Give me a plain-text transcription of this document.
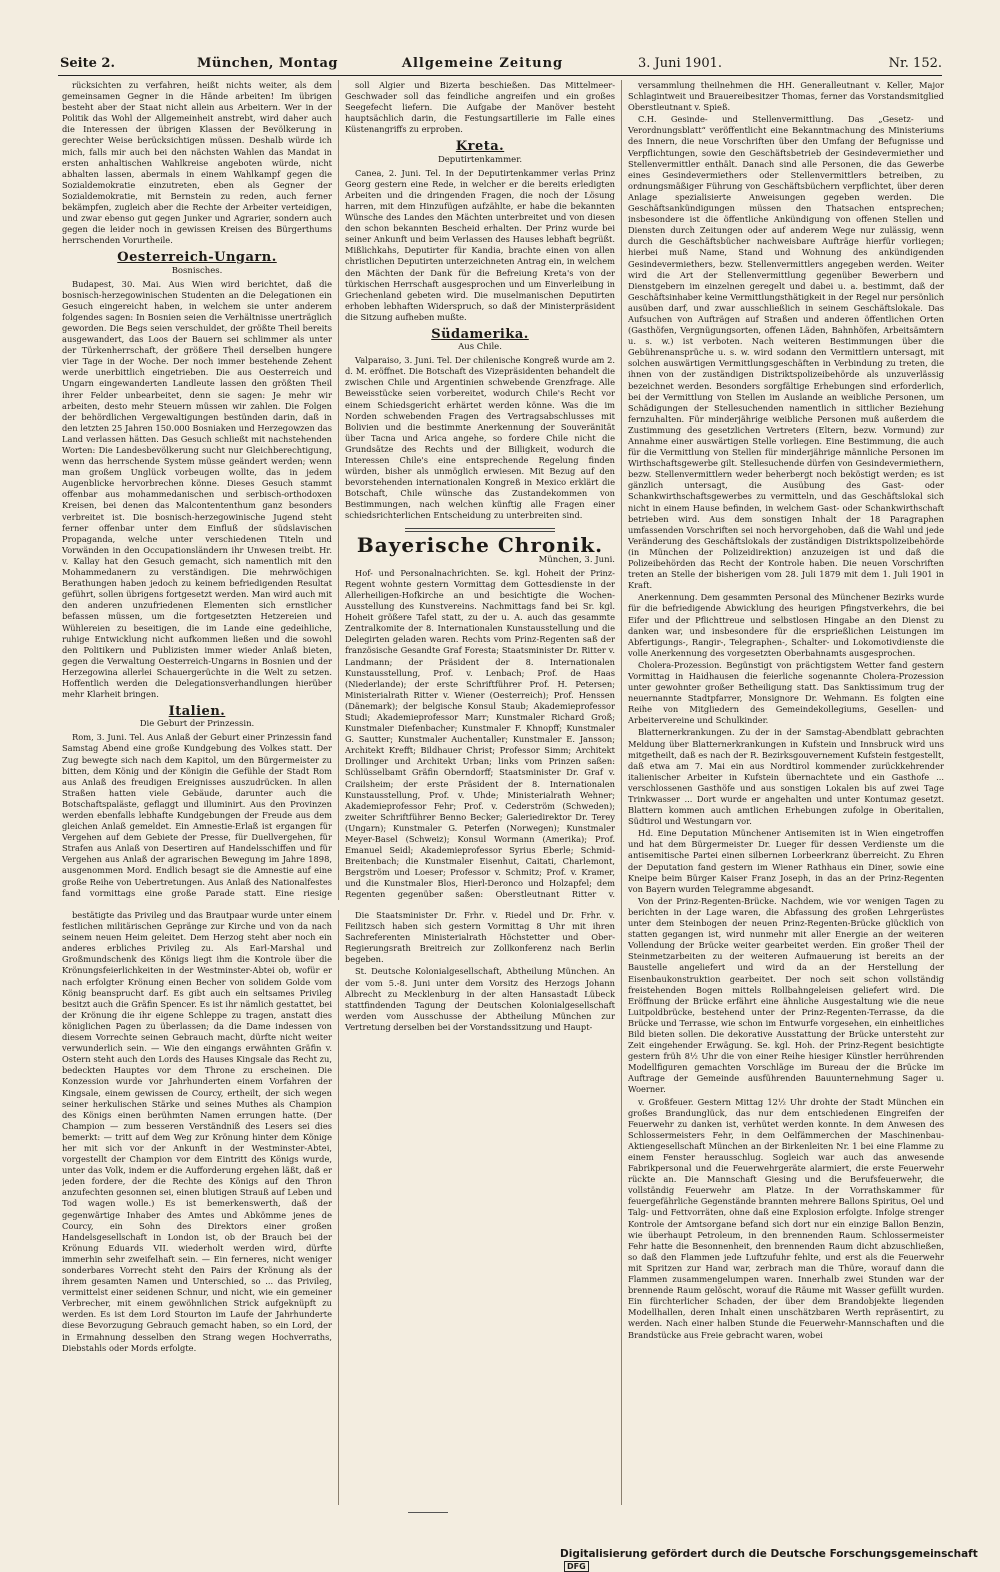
Seite 2.	München, Montag	Allgemeine Zeitung	3. Juni 1901.	Nr. 152.

rücksichten zu verfahren, heißt nichts weiter, als dem gemeinsamen Gegner in die Hände arbeiten! Im übrigen besteht aber der Staat nicht allein aus Arbeitern. Wer in der Politik das Wohl der Allgemeinheit anstrebt, wird daher auch die Interessen der übrigen Klassen der Bevölkerung in gerechter Weise berücksichtigen müssen. Deshalb würde ich mich, falls mir auch bei den nächsten Wahlen das Mandat in ersten anhaltischen Wahlkreise angeboten würde, nicht abhalten lassen, abermals in einem Wahlkampf gegen die Sozialdemokratie einzutreten, eben als Gegner der Sozialdemokratie, mit Bernstein zu reden, auch ferner bekämpfen, zugleich aber die Rechte der Arbeiter verteidigen, und zwar ebenso gut gegen Junker und Agrarier, sondern auch gegen die leider noch in gewissen Kreisen des Bürgerthums herrschenden Vorurtheile.

Oesterreich-Ungarn.
Bosnisches.

Budapest, 30. Mai. Aus Wien wird berichtet, daß die bosnisch-herzegowinischen Studenten an die Delegationen ein Gesuch eingereicht haben, in welchem sie unter anderem folgendes sagen: In Bosnien seien die Verhältnisse unerträglich geworden. Die Begs seien verschuldet, der größte Theil bereits ausgewandert, das Loos der Bauern sei schlimmer als unter der Türkenherrschaft, der größere Theil derselben hungere vier Tage in der Woche. Der noch immer bestehende Zehent werde unerbittlich eingetrieben. Die aus Oesterreich und Ungarn eingewanderten Landleute lassen den größten Theil ihrer Felder unbearbeitet, denn sie sagen: Je mehr wir arbeiten, desto mehr Steuern müssen wir zahlen. Die Folgen der behördlichen Vergewaltigungen bestünden darin, daß in den letzten 25 Jahren 150.000 Bosniaken und Herzegowzen das Land verlassen hätten. Das Gesuch schließt mit nachstehenden Worten: Die Landesbevölkerung sucht nur Gleichberechtigung, wenn das herrschende System müsse geändert werden; wenn man großem Unglück vorbeugen wollte, das in jedem Augenblicke hervorbrechen könne. Dieses Gesuch stammt offenbar aus mohammedanischen und serbisch-orthodoxen Kreisen, bei denen das Malcontententhum ganz besonders verbreitet ist. Die bosnisch-herzegowinische Jugend steht ferner offenbar unter dem Einfluß der südslavischen Propaganda, welche unter verschiedenen Titeln und Vorwänden in den Occupationsländern ihr Unwesen treibt. Hr. v. Kallay hat den Gesuch gemacht, sich namentlich mit den Mohammedanern zu verständigen. Die mehrwöchigen Berathungen haben jedoch zu keinem befriedigenden Resultat geführt, sollen übrigens fortgesetzt werden. Man wird auch mit den anderen unzufriedenen Elementen sich ernstlicher befassen müssen, um die fortgesetzten Hetzereien und Wühlereien zu beseitigen, die im Lande eine gedeihliche, ruhige Entwicklung nicht aufkommen ließen und die sowohl den Politikern und Publizisten immer wieder Anlaß bieten, gegen die Verwaltung Oesterreich-Ungarns in Bosnien und der Herzegowina allerlei Schauergerüchte in die Welt zu setzen. Hoffentlich werden die Delegationsverhandlungen hierüber mehr Klarheit bringen.

Italien.
Die Geburt der Prinzessin.

Rom, 3. Juni. Tel. Aus Anlaß der Geburt einer Prinzessin fand Samstag Abend eine große Kundgebung des Volkes statt. Der Zug bewegte sich nach dem Kapitol, um den Bürgermeister zu bitten, dem König und der Königin die Gefühle der Stadt Rom aus Anlaß des freudigen Ereignisses auszudrücken. In allen Straßen hatten viele Gebäude, darunter auch die Botschaftspaläste, geflaggt und illuminirt. Aus den Provinzen werden ebenfalls lebhafte Kundgebungen der Freude aus dem gleichen Anlaß gemeldet. Ein Amnestie-Erlaß ist ergangen für Vergehen auf dem Gebiete der Presse, für Duellvergehen, für Strafen aus Anlaß von Desertiren auf Handelsschiffen und für Vergehen aus Anlaß der agrarischen Bewegung im Jahre 1898, ausgenommen Mord. Endlich besagt sie die Amnestie auf eine große Reihe von Uebertretungen. Aus Anlaß des Nationalfestes fand vormittags eine große Parade statt. Eine riesige

soll Algier und Bizerta beschießen. Das Mittelmeer-Geschwader soll das feindliche angreifen und ein großes Seegefecht liefern. Die Aufgabe der Manöver besteht hauptsächlich darin, die Festungsartillerie im Falle eines Küstenangriffs zu erproben.

Kreta.
Deputirtenkammer.

Canea, 2. Juni. Tel. In der Deputirtenkammer verlas Prinz Georg gestern eine Rede, in welcher er die bereits erledigten Arbeiten und die dringenden Fragen, die noch der Lösung harren, mit dem Hinzufügen aufzählte, er habe die bekannten Wünsche des Landes den Mächten unterbreitet und von diesen den schon bekannten Bescheid erhalten. Der Prinz wurde bei seiner Ankunft und beim Verlassen des Hauses lebhaft begrüßt. Mißlichkahs, Deputirter für Kandia, brachte einen von allen christlichen Deputirten unterzeichneten Antrag ein, in welchem den Mächten der Dank für die Befreiung Kreta's von der türkischen Herrschaft ausgesprochen und um Einverleibung in Griechenland gebeten wird. Die muselmanischen Deputirten erhoben lebhaften Widerspruch, so daß der Ministerpräsident die Sitzung aufheben mußte.

Südamerika.
Aus Chile.

Valparaiso, 3. Juni. Tel. Der chilenische Kongreß wurde am 2. d. M. eröffnet. Die Botschaft des Vizepräsidenten behandelt die zwischen Chile und Argentinien schwebende Grenzfrage. Alle Beweisstücke seien vorbereitet, wodurch Chile's Recht vor einem Schiedsgericht erhärtet werden könne. Was die im Norden schwebenden Fragen des Vertragsabschlusses mit Bolivien und die bestimmte Anerkennung der Souveränität über Tacna und Arica angehe, so fordere Chile nicht die Grundsätze des Rechts und der Billigkeit, wodurch die Interessen Chile's eine entsprechende Regelung finden würden, bisher als unmöglich erwiesen. Mit Bezug auf den bevorstehenden internationalen Kongreß in Mexico erklärt die Botschaft, Chile wünsche das Zustandekommen von Bestimmungen, nach welchen künftig alle Fragen einer schiedsrichterlichen Entscheidung zu unterbreiten sind.

Bayerische Chronik.
München, 3. Juni.

Hof- und Personalnachrichten. Se. kgl. Hoheit der Prinz-Regent wohnte gestern Vormittag dem Gottesdienste in der Allerheiligen-Hofkirche an und besichtigte die Wochen-Ausstellung des Kunstvereins. Nachmittags fand bei Sr. kgl. Hoheit größere Tafel statt, zu der u. A. auch das gesammte Zentralkomite der 8. Internationalen Kunstausstellung und die Delegirten geladen waren. Rechts vom Prinz-Regenten saß der französische Gesandte Graf Foresta; Staatsminister Dr. Ritter v. Landmann; der Präsident der 8. Internationalen Kunstausstellung, Prof. v. Lenbach; Prof. de Haas (Niederlande); der erste Schriftführer Prof. H. Petersen; Ministerialrath Ritter v. Wiener (Oesterreich); Prof. Henssen (Dänemark); der belgische Konsul Staub; Akademieprofessor Studi; Akademieprofessor Marr; Kunstmaler Richard Groß; Kunstmaler Diefenbacher; Kunstmaler F. Khnopff; Kunstmaler G. Sautter; Kunstmaler Auchentaller; Kunstmaler E. Jansson; Architekt Krefft; Bildhauer Christ; Professor Simm; Architekt Drollinger und Architekt Urban; links vom Prinzen saßen: Schlüsselbamt Gräfin Oberndorff; Staatsminister Dr. Graf v. Crailsheim; der erste Präsident der 8. Internationalen Kunstausstellung, Prof. v. Uhde; Ministerialrath Wehner; Akademieprofessor Fehr; Prof. v. Cederström (Schweden); zweiter Schriftführer Benno Becker; Galeriedirektor Dr. Terey (Ungarn); Kunstmaler G. Peterfen (Norwegen); Kunstmaler Meyer-Basel (Schweiz); Konsul Wormann (Amerika); Prof. Emanuel Seidl; Akademieprofessor Syrius Eberle; Schmid-Breitenbach; die Kunstmaler Eisenhut, Caitati, Charlemont, Bergström und Loeser; Professor v. Schmitz; Prof. v. Kramer, und die Kunstmaler Blos, Hierl-Deronco und Holzapfel; dem Regenten gegenüber saßen: Oberstleutnant Ritter v.

bestätigte das Privileg und das Brautpaar wurde unter einem festlichen militärischen Gepränge zur Kirche und von da nach seinem neuen Heim geleitet. Dem Herzog steht aber noch ein anderes erbliches Privileg zu. Als Earl-Marshal und Großmundschenk des Königs liegt ihm die Kontrole über die Krönungsfeierlichkeiten in der Westminster-Abtei ob, wofür er nach erfolgter Krönung einen Becher von solidem Golde vom König beansprucht darf. Es gibt auch ein seltsames Privileg besitzt auch die Gräfin Spencer. Es ist ihr nämlich gestattet, bei der Krönung die ihr eigene Schleppe zu tragen, anstatt dies königlichen Pagen zu überlassen; da die Dame indessen von diesem Vorrechte seinen Gebrauch macht, dürfte nicht weiter verwunderlich sein. — Wie den eingangs erwähnten Gräfin v. Ostern steht auch den Lords des Hauses Kingsale das Recht zu, bedeckten Hauptes vor dem Throne zu erscheinen. Die Konzession wurde vor Jahrhunderten einem Vorfahren der Kingsale, einem gewissen de Courcy, ertheilt, der sich wegen seiner herkulischen Stärke und seines Muthes als Champion des Königs einen berühmten Namen errungen hatte. (Der Champion — zum besseren Verständniß des Lesers sei dies bemerkt: — tritt auf dem Weg zur Krönung hinter dem Könige her mit sich vor der Ankunft in der Westminster-Abtei, vorgestellt der Champion vor dem Eintritt des Königs wurde, unter das Volk, indem er die Aufforderung ergehen läßt, daß er jeden fordere, der die Rechte des Königs auf den Thron anzufechten gesonnen sei, einen blutigen Strauß auf Leben und Tod wagen wolle.) Es ist bemerkenswerth, daß der gegenwärtige Inhaber des Amtes und Abkömme jenes de Courcy, ein Sohn des Direktors einer großen Handelsgesellschaft in London ist, ob der Brauch bei der Krönung Eduards VII. wiederholt werden wird, dürfte immerhin sehr zweifelhaft sein. — Ein ferneres, nicht weniger sonderbares Vorrecht steht den Pairs der Krönung als der ihrem gesamten Namen und Unterschied, so ... das Privileg, vermittelst einer seidenen Schnur, und nicht, wie ein gemeiner Verbrecher, mit einem gewöhnlichen Strick aufgeknüpft zu werden. Es ist dem Lord Stourton im Laufe der Jahrhunderte diese Bevorzugung Gebrauch gemacht haben, so ein Lord, der in Ermahnung desselben den Strang wegen Hochverraths, Diebstahls oder Mords erfolgte.

Die Staatsminister Dr. Frhr. v. Riedel und Dr. Frhr. v. Feilitzsch haben sich gestern Vormittag 8 Uhr mit ihren Sachreferenten Ministerialrath Höchstetter und Ober-Regierungsrath Breitreich zur Zollkonferenz nach Berlin begeben.

St. Deutsche Kolonialgesellschaft, Abtheilung München. An der vom 5.-8. Juni unter dem Vorsitz des Herzogs Johann Albrecht zu Mecklenburg in der alten Hansastadt Lübeck stattfindenden Tagung der Deutschen Kolonialgesellschaft werden vom Ausschusse der Abtheilung München zur Vertretung derselben bei der Vorstandssitzung und Haupt-

versammlung theilnehmen die HH. Generalleutnant v. Keller, Major Schlagintweit und Brauereibesitzer Thomas, ferner das Vorstandsmitglied Oberstleutnant v. Spieß.

C.H. Gesinde- und Stellenvermittlung. Das „Gesetz- und Verordnungsblatt“ veröffentlicht eine Bekanntmachung des Ministeriums des Innern, die neue Vorschriften über den Umfang der Befugnisse und Verpflichtungen, sowie den Geschäftsbetrieb der Gesindevermiether und Stellenvermittler enthält. Danach sind alle Personen, die das Gewerbe eines Gesindevermiethers oder Stellenvermittlers betreiben, zu ordnungsmäßiger Führung von Geschäftsbüchern verpflichtet, über deren Anlage spezialisierte Anweisungen gegeben werden. Die Geschäftsankündigungen müssen den Thatsachen entsprechen; insbesondere ist die öffentliche Ankündigung von offenen Stellen und Diensten durch Zeitungen oder auf anderem Wege nur zulässig, wenn durch die Geschäftsbücher nachweisbare Aufträge hierfür vorliegen; hierbei muß Name, Stand und Wohnung des ankündigenden Gesindevermiethers, bezw. Stellenvermittlers angegeben werden. Weiter wird die Art der Stellenvermittlung gegenüber Bewerbern und Dienstgebern im einzelnen geregelt und dabei u. a. bestimmt, daß der Geschäftsinhaber keine Vermittlungsthätigkeit in der Regel nur persönlich ausüben darf, und zwar ausschließlich in seinem Geschäftslokale. Das Aufsuchen von Aufträgen auf Straßen und anderen öffentlichen Orten (Gasthöfen, Vergnügungsorten, offenen Läden, Bahnhöfen, Arbeitsämtern u. s. w.) ist verboten. Nach weiteren Bestimmungen über die Gebührenansprüche u. s. w. wird sodann den Vermittlern untersagt, mit solchen auswärtigen Vermittlungsgeschäften in Verbindung zu treten, die ihnen von der zuständigen Distriktspolizeibehörde als unzuverlässig bezeichnet werden. Besonders sorgfältige Erhebungen sind erforderlich, bei der Vermittlung von Stellen im Auslande an weibliche Personen, um Schädigungen der Stellesuchenden namentlich in sittlicher Beziehung fernzuhalten. Für minderjährige weibliche Personen muß außerdem die Zustimmung des gesetzlichen Vertreters (Eltern, bezw. Vormund) zur Annahme einer auswärtigen Stelle vorliegen. Eine Bestimmung, die auch für die Vermittlung von Stellen für minderjährige männliche Personen im Wirthschaftsgewerbe gilt. Stellesuchende dürfen von Gesindevermiethern, bezw. Stellenvermittlern weder beherbergt noch beköstigt werden; es ist gänzlich untersagt, die Ausübung des Gast- oder Schankwirthschaftsgewerbes zu vermitteln, und das Geschäftslokal sich nicht in einem Hause befinden, in welchem Gast- oder Schankwirthschaft betrieben wird. Aus dem sonstigen Inhalt der 18 Paragraphen umfassenden Vorschriften sei noch hervorgehoben, daß die Wahl und jede Veränderung des Geschäftslokals der zuständigen Distriktspolizeibehörde (in München der Polizeidirektion) anzuzeigen ist und daß die Polizeibehörden das Recht der Kontrole haben. Die neuen Vorschriften treten an Stelle der bisherigen vom 28. Juli 1879 mit dem 1. Juli 1901 in Kraft.

Anerkennung. Dem gesammten Personal des Münchener Bezirks wurde für die befriedigende Abwicklung des heurigen Pfingstverkehrs, die bei Eifer und der Pflichttreue und selbstlosen Hingabe an den Dienst zu danken war, und insbesondere für die ersprießlichen Leistungen im Abfertigungs-, Rangir-, Telegraphen-, Schalter- und Lokomotivdienste die volle Anerkennung des vorgesetzten Oberbahnamts ausgesprochen.

Cholera-Prozession. Begünstigt von prächtigstem Wetter fand gestern Vormittag in Haidhausen die feierliche sogenannte Cholera-Prozession unter gewohnter großer Betheiligung statt. Das Sanktissimum trug der neuernannte Stadtpfarrer, Monsignore Dr. Wehmann. Es folgten eine Reihe von Mitgliedern des Gemeindekollegiums, Gesellen- und Arbeitervereine und Schulkinder.

Blatternerkrankungen. Zu der in der Samstag-Abendblatt gebrachten Meldung über Blatternerkrankungen in Kufstein und Innsbruck wird uns mitgetheilt, daß es nach der R. Bezirksgouvernement Kufstein festgestellt, daß etwa am 7. Mai ein aus Nordtirol kommender zurückkehrender italienischer Arbeiter in Kufstein übernachtete und ein Gasthofe ... verschlossenen Gasthöfe und aus sonstigen Lokalen bis auf zwei Tage Trinkwasser ... Dort wurde er angehalten und unter Kontumaz gesetzt. Blattern kommen auch amtlichen Erhebungen zufolge in Oberitalien, Südtirol und Westungarn vor.

Hd. Eine Deputation Münchener Antisemiten ist in Wien eingetroffen und hat dem Bürgermeister Dr. Lueger für dessen Verdienste um die antisemitische Partei einen silbernen Lorbeerkranz überreicht. Zu Ehren der Deputation fand gestern im Wiener Rathhaus ein Diner, sowie eine Kneipe beim Bürger Kaiser Franz Joseph, in das an der Prinz-Regenten von Bayern wurden Telegramme abgesandt.

Von der Prinz-Regenten-Brücke. Nachdem, wie vor wenigen Tagen zu berichten in der Lage waren, die Abfassung des großen Lehrgerüstes unter dem Steinbogen der neuen Prinz-Regenten-Brücke glücklich von statten gegangen ist, wird nunmehr mit aller Energie an der weiteren Vollendung der Brücke weiter gearbeitet werden. Ein großer Theil der Steinmetzarbeiten zu der weiteren Aufmauerung ist bereits an der Baustelle angeliefert und wird da an der Herstellung der Eisenbaukonstruktion gearbeitet. Der noch seit schon vollständig freistehenden Bogen mittels Rollbahngeleisen geliefert wird. Die Eröffnung der Brücke erfährt eine ähnliche Ausgestaltung wie die neue Luitpoldbrücke, bestehend unter der Prinz-Regenten-Terrasse, da die Brücke und Terrasse, wie schon im Entwurfe vorgesehen, ein einheitliches Bild bieten sollen. Die dekorative Ausstattung der Brücke untersteht zur Zeit eingehender Erwägung. Se. kgl. Hoh. der Prinz-Regent besichtigte gestern früh 8½ Uhr die von einer Reihe hiesiger Künstler herrührenden Modellfiguren gemachten Vorschläge im Bureau der die Brücke im Auftrage der Gemeinde ausführenden Bauunternehmung Sager u. Woerner.

v. Großfeuer. Gestern Mittag 12½ Uhr drohte der Stadt München ein großes Brandunglück, das nur dem entschiedenen Eingreifen der Feuerwehr zu danken ist, verhütet werden konnte. In dem Anwesen des Schlossermeisters Fehr, in dem Oelfämmerchen der Maschinenbau-Aktiengesellschaft München an der Birkenleiten Nr. 1 bei eine Flamme zu einem Fenster herausschlug. Sogleich war auch das anwesende Fabrikpersonal und die Feuerwehrgeräte alarmiert, die erste Feuerwehr rückte an. Die Mannschaft Giesing und die Berufsfeuerwehr, die vollständig Feuerwehr am Platze. In der Vorrathskammer für feuergefährliche Gegenstände brannten mehrere Ballons Spiritus, Oel und Talg- und Fettvorräten, ohne daß eine Explosion erfolgte. Infolge strenger Kontrole der Amtsorgane befand sich dort nur ein einzige Ballon Benzin, wie überhaupt Petroleum, in den brennenden Raum. Schlossermeister Fehr hatte die Besonnenheit, den brennenden Raum dicht abzuschließen, so daß den Flammen jede Luftzufuhr fehlte, und erst als die Feuerwehr mit Spritzen zur Hand war, zerbrach man die Thüre, worauf dann die Flammen zusammengelumpen waren. Innerhalb zwei Stunden war der brennende Raum gelöscht, worauf die Räume mit Wasser gefüllt wurden. Ein fürchterlicher Schaden, der über dem Brandobjekte liegenden Modellhallen, deren Inhalt einen unschätzbaren Werth repräsentirt, zu werden. Nach einer halben Stunde die Feuerwehr-Mannschaften und die Brandstücke aus Freie gebracht waren, wobei

Digitalisierung gefördert durch die Deutsche Forschungsgemeinschaft DFG
